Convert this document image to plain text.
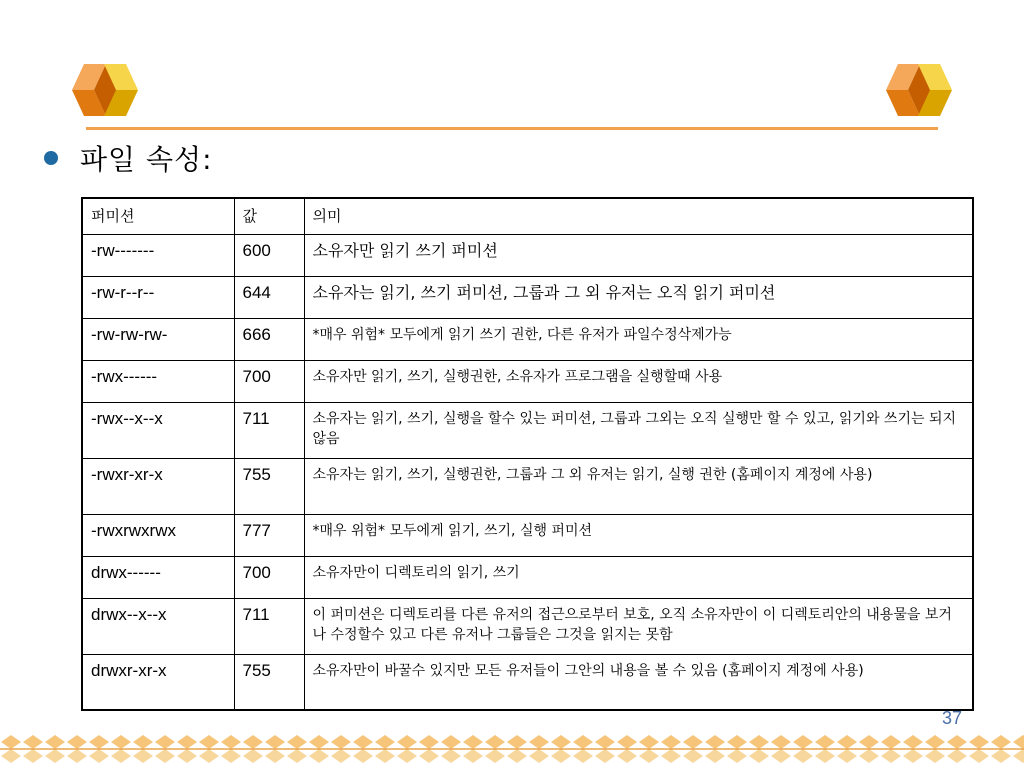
파일 속성:
퍼미션	값	의미
-rw-------	600	소유자만 읽기 쓰기 퍼미션
-rw-r--r--	644	소유자는 읽기, 쓰기 퍼미션, 그룹과 그 외 유저는 오직 읽기 퍼미션
-rw-rw-rw-	666	*매우 위험* 모두에게 읽기 쓰기 권한, 다른 유저가 파일수정삭제가능
-rwx------	700	소유자만 읽기, 쓰기, 실행권한, 소유자가 프로그램을 실행할때 사용
-rwx--x--x	711	소유자는 읽기, 쓰기, 실행을 할수 있는 퍼미션, 그룹과 그외는 오직 실행만 할 수 있고, 읽기와 쓰기는 되지 않음
-rwxr-xr-x	755	소유자는 읽기, 쓰기, 실행권한, 그룹과 그 외 유저는 읽기, 실행 권한 (홈페이지 계정에 사용)
-rwxrwxrwx	777	*매우 위험* 모두에게 읽기, 쓰기, 실행 퍼미션
drwx------	700	소유자만이 디렉토리의 읽기, 쓰기
drwx--x--x	711	이 퍼미션은 디렉토리를 다른 유저의 접근으로부터 보호, 오직 소유자만이 이 디렉토리안의 내용물을 보거나 수정할수 있고 다른 유저나 그룹들은 그것을 읽지는 못함
drwxr-xr-x	755	소유자만이 바꿀수 있지만 모든 유저들이 그안의 내용을 볼 수 있음 (홈페이지 계정에 사용)
37
